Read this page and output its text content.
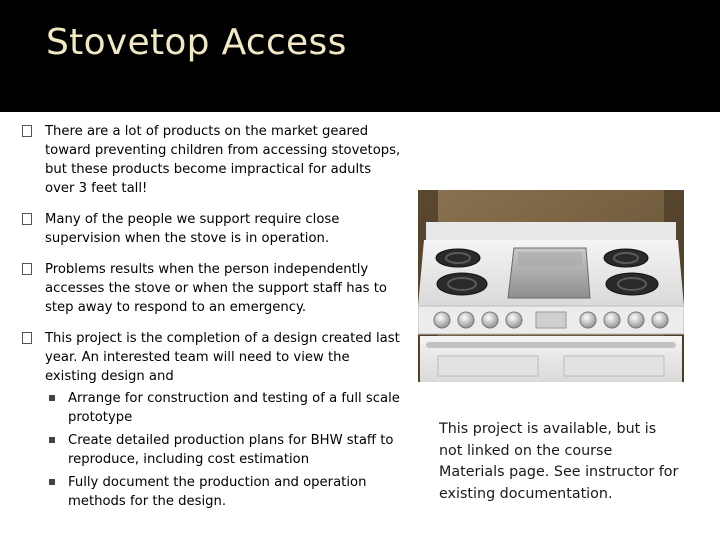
Stovetop Access
There are a lot of products on the market geared toward preventing children from accessing stovetops, but these products become impractical for adults over 3 feet tall!
Many of the people we support require close supervision when the stove is in operation.
Problems results when the person independently accesses the stove or when the support staff has to step away to respond to an emergency.
This project is the completion of a design created last year. An interested team will need to view the existing design and
Arrange for construction and testing of a full scale prototype
Create detailed production plans for BHW staff to reproduce, including cost estimation
Fully document the production and operation methods for the design.
This project is available, but is not linked on the course Materials page. See instructor for existing documentation.
